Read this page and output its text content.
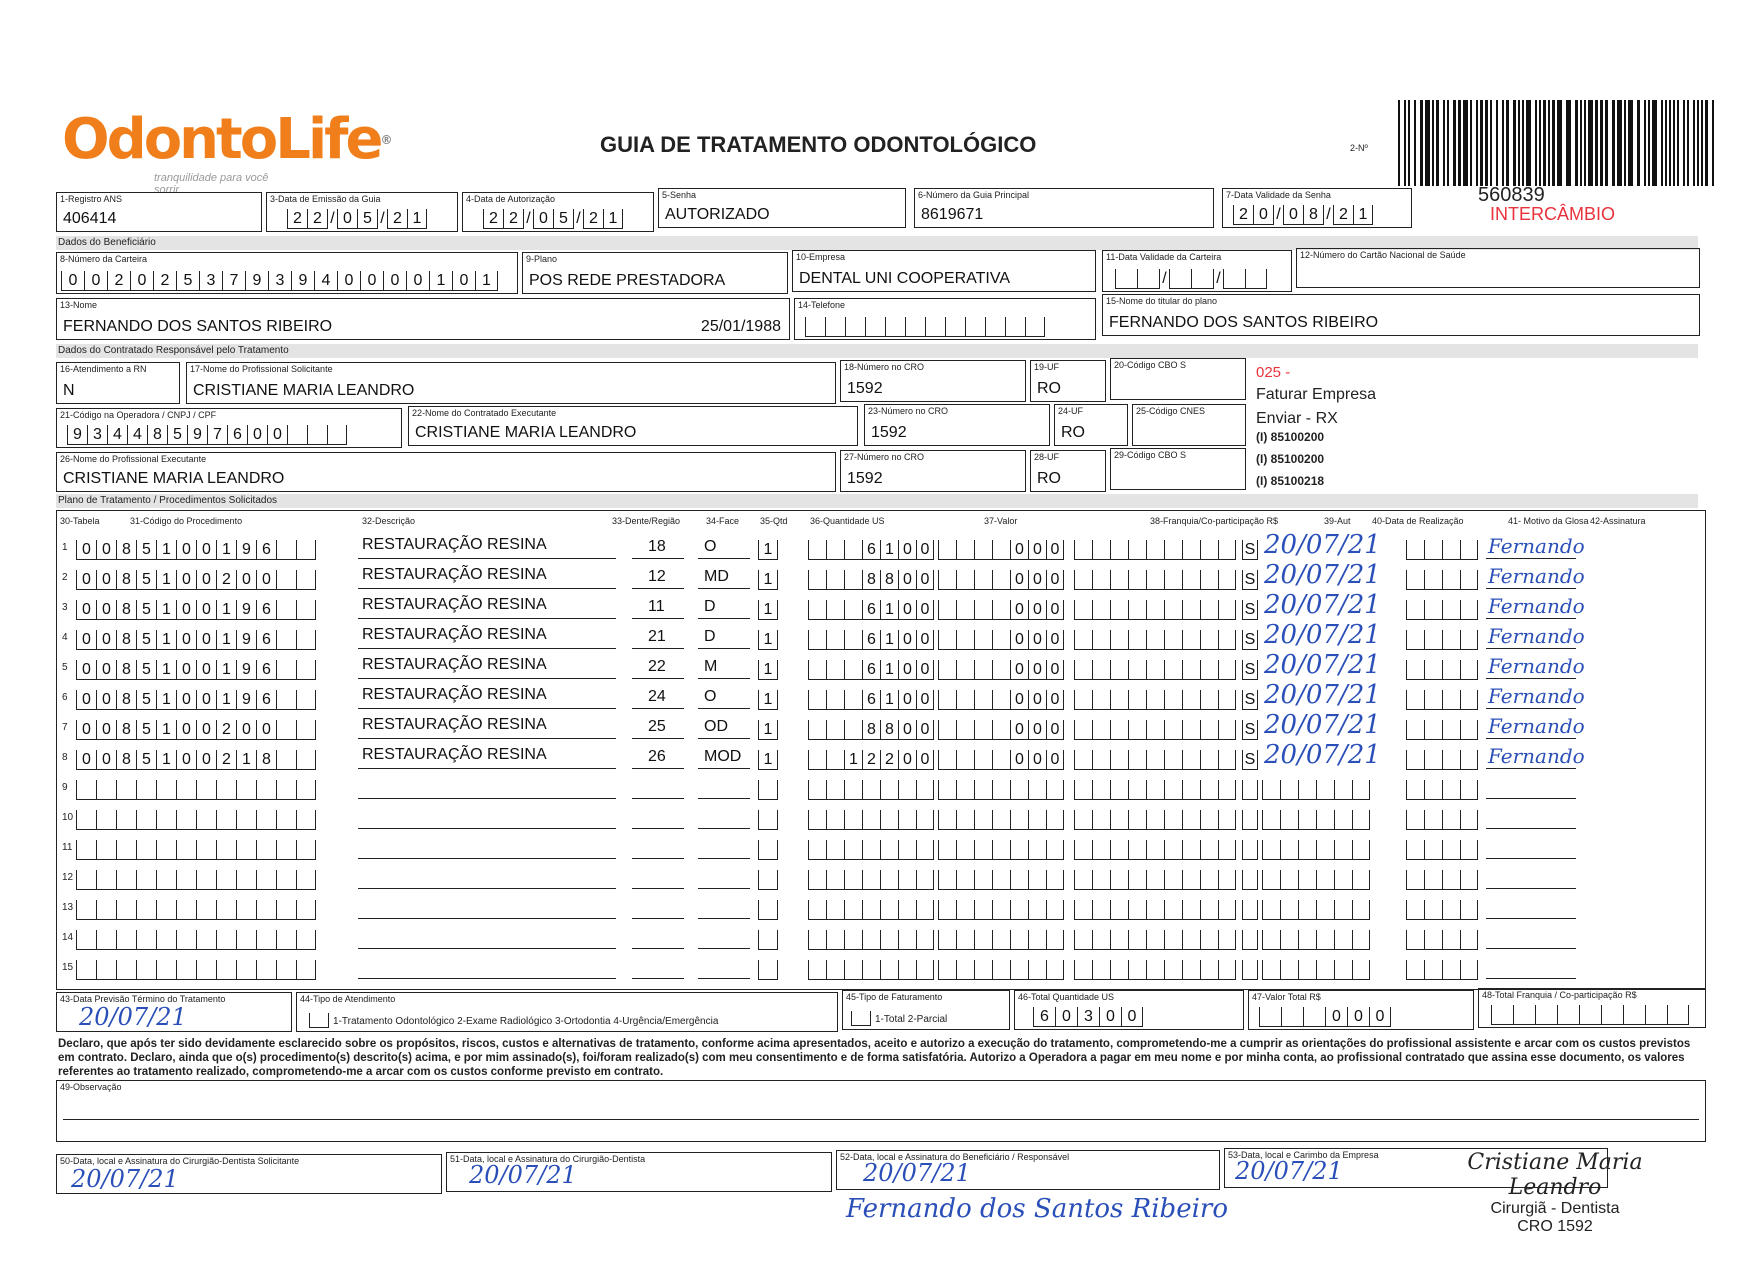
OdontoLife®
tranquilidade para você sorrir
GUIA DE TRATAMENTO ODONTOLÓGICO	2-Nº
560839
INTERCÂMBIO
1-Registro ANS
406414
3-Data de Emissão da Guia
2 2 / 0 5 / 2 1
4-Data de Autorização
2 2 / 0 5 / 2 1
5-Senha
AUTORIZADO
6-Número da Guia Principal
8619671
7-Data Validade da Senha
2 0 / 0 8 / 2 1
Dados do Beneficiário
8-Número da Carteira
0 0 2 0 2 5 3 7 9 3 9 4 0 0 0 0 1 0 1
9-Plano
POS REDE PRESTADORA
10-Empresa
DENTAL UNI COOPERATIVA
11-Data Validade da Carteira
/	/
12-Número do Cartão Nacional de Saúde
13-Nome
FERNANDO DOS SANTOS RIBEIRO	25/01/1988
14-Telefone	15-Nome do titular do plano
FERNANDO DOS SANTOS RIBEIRO
Dados do Contratado Responsável pelo Tratamento
16-Atendimento a RN
N
17-Nome do Profissional Solicitante
CRISTIANE MARIA LEANDRO
18-Número no CRO
1592
19-UF
RO
20-Código CBO S
21-Código na Operadora / CNPJ / CPF
9 3 4 4 8 5 9 7 6 0 0
22-Nome do Contratado Executante
CRISTIANE MARIA LEANDRO
23-Número no CRO
1592
24-UF
RO
25-Código CNES
26-Nome do Profissional Executante
CRISTIANE MARIA LEANDRO
27-Número no CRO
1592
28-UF
RO
29-Código CBO S
025 -
Faturar Empresa
Enviar - RX
(I) 85100200
(I) 85100200
(I) 85100218
Plano de Tratamento / Procedimentos Solicitados
30-Tabela	31-Código do Procedimento	32-Descrição	33-Dente/Região	34-Face 35-Qtd 36-Quantidade US	37-Valor	38-Franquia/Co-participação R$	39-Aut 40-Data de Realização	41- Motivo da Glosa 42-Assinatura
1 0 0 8 5 1 0 0 1 9 6	RESTAURAÇÃO RESINA	18 O	1	6 1 0 0	0 0 0	S 20/07/21	Fernando
2 0 0 8 5 1 0 0 2 0 0	RESTAURAÇÃO RESINA	12 MD	1	8 8 0 0	0 0 0	S 20/07/21	Fernando
3 0 0 8 5 1 0 0 1 9 6	RESTAURAÇÃO RESINA	11 D	1	6 1 0 0	0 0 0	S 20/07/21	Fernando
4 0 0 8 5 1 0 0 1 9 6	RESTAURAÇÃO RESINA	21 D	1	6 1 0 0	0 0 0	S 20/07/21	Fernando
5 0 0 8 5 1 0 0 1 9 6	RESTAURAÇÃO RESINA	22 M	1	6 1 0 0	0 0 0	S 20/07/21	Fernando
6 0 0 8 5 1 0 0 1 9 6	RESTAURAÇÃO RESINA	24 O	1	6 1 0 0	0 0 0	S 20/07/21	Fernando
7 0 0 8 5 1 0 0 2 0 0	RESTAURAÇÃO RESINA	25 OD	1	8 8 0 0	0 0 0	S 20/07/21	Fernando
8 0 0 8 5 1 0 0 2 1 8	RESTAURAÇÃO RESINA	26 MOD	1	1 2 2 0 0	0 0 0	S 20/07/21	Fernando
9
10
11
12
13
14
15
43-Data Previsão Término do Tratamento
20/07/21
44-Tipo de Atendimento
1-Tratamento Odontológico 2-Exame Radiológico 3-Ortodontia 4-Urgência/Emergência
45-Tipo de Faturamento
1-Total 2-Parcial
46-Total Quantidade US
6 0 3 0 0
47-Valor Total R$
0 0 0
48-Total Franquia / Co-participação R$
Declaro, que após ter sido devidamente esclarecido sobre os propósitos, riscos, custos e alternativas de tratamento, conforme acima apresentados, aceito e autorizo a execução do tratamento, comprometendo-me a cumprir as orientações do profissional assistente e arcar com os custos previstos em contrato. Declaro, ainda que o(s) procedimento(s) descrito(s) acima, e por mim assinado(s), foi/foram realizado(s) com meu consentimento e de forma satisfatória. Autorizo a Operadora a pagar em meu nome e por minha conta, ao profissional contratado que assina esse documento, os valores referentes ao tratamento realizado, comprometendo-me a arcar com os custos conforme previsto em contrato.
49-Observação
50-Data, local e Assinatura do Cirurgião-Dentista Solicitante
20/07/21
51-Data, local e Assinatura do Cirurgião-Dentista
20/07/21
52-Data, local e Assinatura do Beneficiário / Responsável
20/07/21
53-Data, local e Carimbo da Empresa
20/07/21
Fernando dos Santos Ribeiro
Cristiane Maria Leandro
Cirurgiã - Dentista
CRO 1592
